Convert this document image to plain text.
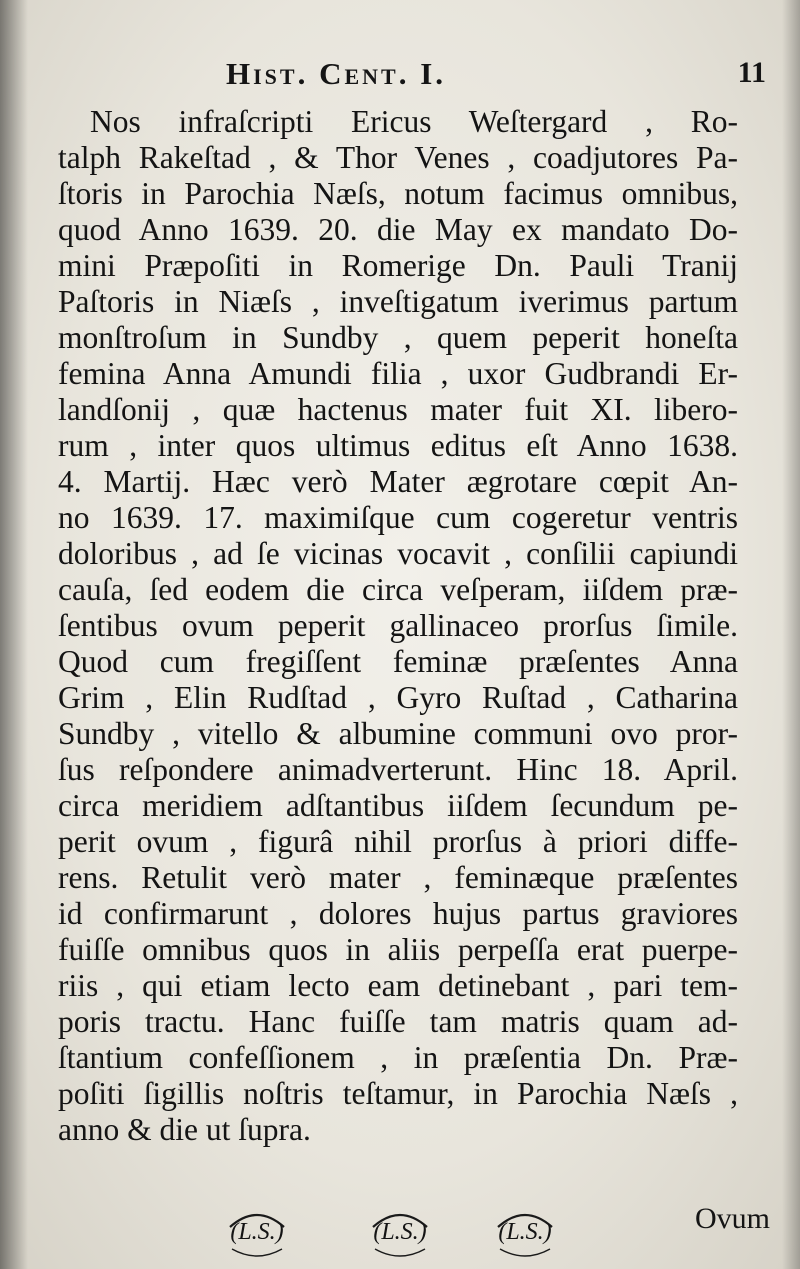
Hist. Cent. I.	11
Nos infraſcripti Ericus Weſtergard , Ro-
talph Rakeſtad , & Thor Venes , coadjutores Pa-
ſtoris in Parochia Næſs, notum facimus omnibus,
quod Anno 1639. 20. die May ex mandato Do-
mini Præpoſiti in Romerige Dn. Pauli Tranij
Paſtoris in Niæſs , inveſtigatum iverimus partum
monſtroſum in Sundby , quem peperit honeſta
femina Anna Amundi filia , uxor Gudbrandi Er-
landſonij , quæ hactenus mater fuit XI. libero-
rum , inter quos ultimus editus eſt Anno 1638.
4. Martij. Hæc verò Mater ægrotare cœpit An-
no 1639. 17. maximiſque cum cogeretur ventris
doloribus , ad ſe vicinas vocavit , conſilii capiundi
cauſa, ſed eodem die circa veſperam, iiſdem præ-
ſentibus ovum peperit gallinaceo prorſus ſimile.
Quod cum fregiſſent feminæ præſentes Anna
Grim , Elin Rudſtad , Gyro Ruſtad , Catharina
Sundby , vitello & albumine communi ovo pror-
ſus reſpondere animadverterunt. Hinc 18. April.
circa meridiem adſtantibus iiſdem ſecundum pe-
perit ovum , figurâ nihil prorſus à priori diffe-
rens. Retulit verò mater , feminæque præſentes
id confirmarunt , dolores hujus partus graviores
fuiſſe omnibus quos in aliis perpeſſa erat puerpe-
riis , qui etiam lecto eam detinebant , pari tem-
poris tractu. Hanc fuiſſe tam matris quam ad-
ſtantium confeſſionem , in præſentia Dn. Præ-
poſiti ſigillis noſtris teſtamur, in Parochia Næſs ,
anno & die ut ſupra.
(L.S.)	(L.S.)	(L.S.)	Ovum
